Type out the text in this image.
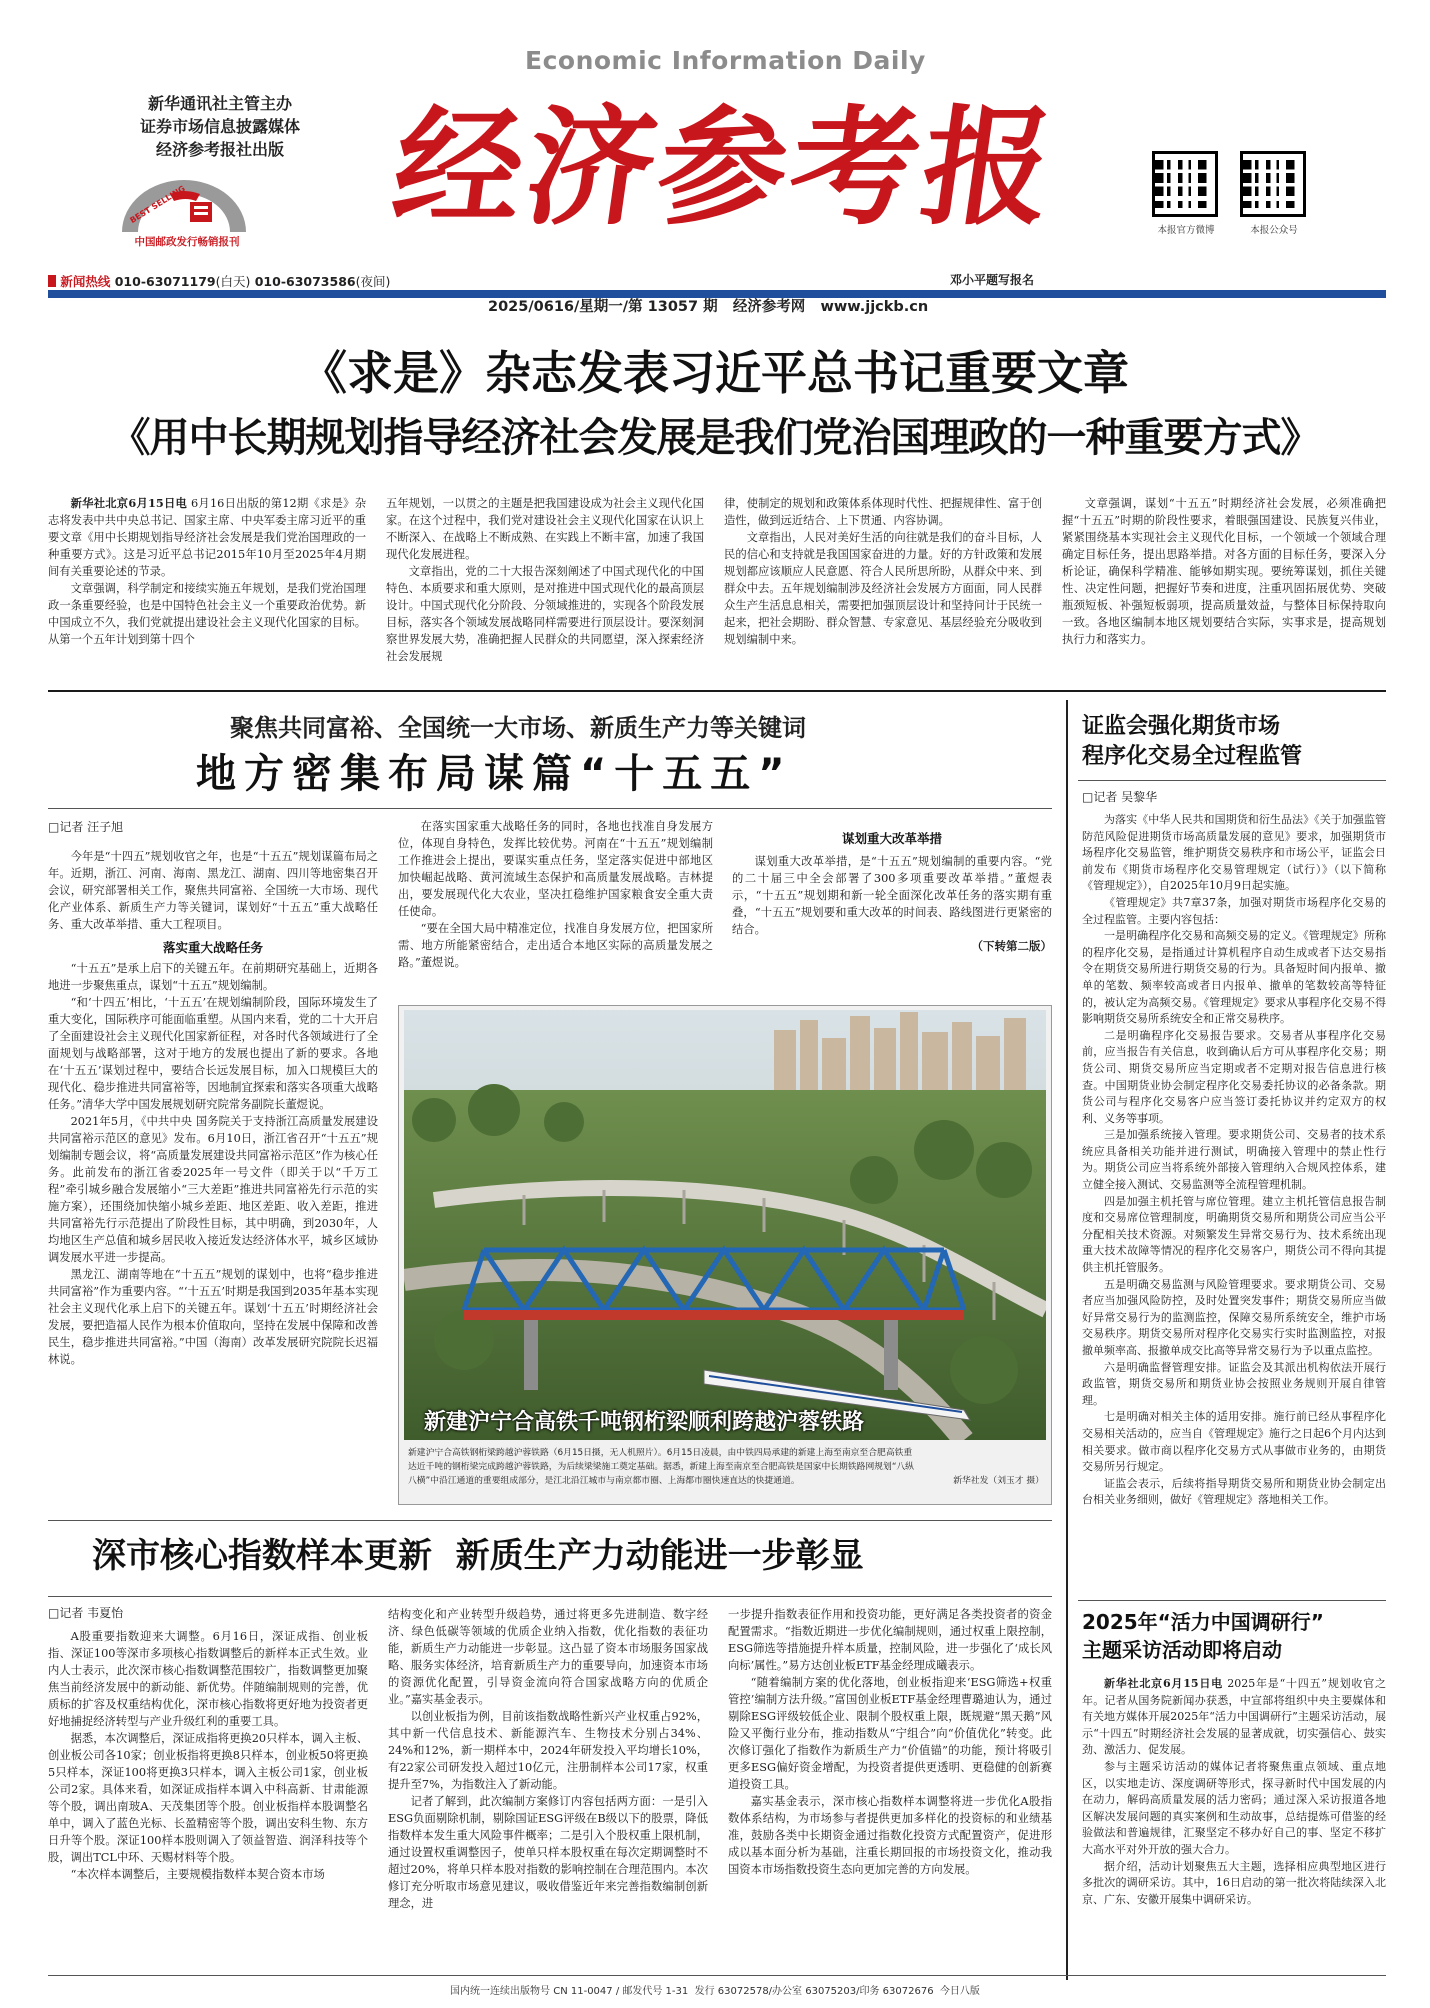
Economic Information Daily
新华通讯社主管主办
证券市场信息披露媒体
经济参考报社出版
BEST SELLING
中国邮政发行畅销报刊 经济参考报
邓小平题写报名
本报官方微博	本报公众号
新闻热线 010-63071179(白天) 010-63073586(夜间)
2025/0616/星期一/第 13057 期 经济参考网 www.jjckb.cn
《求是》杂志发表习近平总书记重要文章
《用中长期规划指导经济社会发展是我们党治国理政的一种重要方式》

新华社北京6月15日电 6月16日出版的第12期《求是》杂志将发表中共中央总书记、国家主席、中央军委主席习近平的重要文章《用中长期规划指导经济社会发展是我们党治国理政的一种重要方式》。这是习近平总书记2015年10月至2025年4月期间有关重要论述的节录。

文章强调，科学制定和接续实施五年规划，是我们党治国理政一条重要经验，也是中国特色社会主义一个重要政治优势。新中国成立不久，我们党就提出建设社会主义现代化国家的目标。从第一个五年计划到第十四个

五年规划，一以贯之的主题是把我国建设成为社会主义现代化国家。在这个过程中，我们党对建设社会主义现代化国家在认识上不断深入、在战略上不断成熟、在实践上不断丰富，加速了我国现代化发展进程。

文章指出，党的二十大报告深刻阐述了中国式现代化的中国特色、本质要求和重大原则，是对推进中国式现代化的最高顶层设计。中国式现代化分阶段、分领域推进的，实现各个阶段发展目标，落实各个领域发展战略同样需要进行顶层设计。要深刻洞察世界发展大势，准确把握人民群众的共同愿望，深入探索经济社会发展规

律，使制定的规划和政策体系体现时代性、把握规律性、富于创造性，做到远近结合、上下贯通、内容协调。

文章指出，人民对美好生活的向往就是我们的奋斗目标，人民的信心和支持就是我国国家奋进的力量。好的方针政策和发展规划都应该顺应人民意愿、符合人民所思所盼，从群众中来、到群众中去。五年规划编制涉及经济社会发展方方面面，同人民群众生产生活息息相关，需要把加强顶层设计和坚持问计于民统一起来，把社会期盼、群众智慧、专家意见、基层经验充分吸收到规划编制中来。

文章强调，谋划“十五五”时期经济社会发展，必须准确把握“十五五”时期的阶段性要求，着眼强国建设、民族复兴伟业，紧紧围绕基本实现社会主义现代化目标，一个领域一个领域合理确定目标任务，提出思路举措。对各方面的目标任务，要深入分析论证，确保科学精准、能够如期实现。要统筹谋划，抓住关键性、决定性问题，把握好节奏和进度，注重巩固拓展优势、突破瓶颈短板、补强短板弱项，提高质量效益，与整体目标保持取向一致。各地区编制本地区规划要结合实际，实事求是，提高规划执行力和落实力。

聚焦共同富裕、全国统一大市场、新质生产力等关键词
地方密集布局谋篇“十五五”
□记者 汪子旭

今年是“十四五”规划收官之年，也是“十五五”规划谋篇布局之年。近期，浙江、河南、海南、黑龙江、湖南、四川等地密集召开会议，研究部署相关工作，聚焦共同富裕、全国统一大市场、现代化产业体系、新质生产力等关键词，谋划好“十五五”重大战略任务、重大改革举措、重大工程项目。

落实重大战略任务

“十五五”是承上启下的关键五年。在前期研究基础上，近期各地进一步聚焦重点，谋划“十五五”规划编制。

“和‘十四五’相比，‘十五五’在规划编制阶段，国际环境发生了重大变化，国际秩序可能面临重塑。从国内来看，党的二十大开启了全面建设社会主义现代化国家新征程，对各时代各领域进行了全面规划与战略部署，这对于地方的发展也提出了新的要求。各地在‘十五五’谋划过程中，要结合长远发展目标，加入口规模巨大的现代化、稳步推进共同富裕等，因地制宜探索和落实各项重大战略任务。”清华大学中国发展规划研究院常务副院长董煜说。

2021年5月，《中共中央 国务院关于支持浙江高质量发展建设共同富裕示范区的意见》发布。6月10日，浙江省召开“十五五”规划编制专题会议，将“高质量发展建设共同富裕示范区”作为核心任务。此前发布的浙江省委2025年一号文件（即关于以“千万工程”牵引城乡融合发展缩小“三大差距”推进共同富裕先行示范的实施方案），还围绕加快缩小城乡差距、地区差距、收入差距，推进共同富裕先行示范提出了阶段性目标，其中明确，到2030年，人均地区生产总值和城乡居民收入接近发达经济体水平，城乡区域协调发展水平进一步提高。

黑龙江、湖南等地在“十五五”规划的谋划中，也将“稳步推进共同富裕”作为重要内容。“‘十五五’时期是我国到2035年基本实现社会主义现代化承上启下的关键五年。谋划‘十五五’时期经济社会发展，要把造福人民作为根本价值取向，坚持在发展中保障和改善民生，稳步推进共同富裕。”中国（海南）改革发展研究院院长迟福林说。

在落实国家重大战略任务的同时，各地也找准自身发展方位，体现自身特色，发挥比较优势。河南在“十五五”规划编制工作推进会上提出，要谋实重点任务，坚定落实促进中部地区加快崛起战略、黄河流域生态保护和高质量发展战略。吉林提出，要发展现代化大农业，坚决扛稳维护国家粮食安全重大责任使命。

“要在全国大局中精准定位，找准自身发展方位，把国家所需、地方所能紧密结合，走出适合本地区实际的高质量发展之路。”董煜说。

谋划重大改革举措

谋划重大改革举措，是“十五五”规划编制的重要内容。“党的二十届三中全会部署了300多项重要改革举措。”董煜表示，“十五五”规划期和新一轮全面深化改革任务的落实期有重叠，“十五五”规划要和重大改革的时间表、路线图进行更紧密的结合。

（下转第二版）
新建沪宁合高铁千吨钢桁梁顺利跨越沪蓉铁路
新建沪宁合高铁钢桁梁跨越沪蓉铁路（6月15日摄，无人机照片）。6月15日凌晨，由中铁四局承建的新建上海至南京至合肥高铁重
达近千吨的钢桁梁完成跨越沪蓉铁路，为后续梁梁施工奠定基础。据悉，新建上海至南京至合肥高铁是国家中长期铁路网规划“八纵
八横”中沿江通道的重要组成部分，是江北沿江城市与南京都市圈、上海都市圈快速直达的快捷通道。	新华社发（刘玉才 摄）
深市核心指数样本更新  新质生产力动能进一步彰显
□记者 韦夏怡

A股重要指数迎来大调整。6月16日，深证成指、创业板指、深证100等深市多项核心指数调整后的新样本正式生效。业内人士表示，此次深市核心指数调整范围较广，指数调整更加聚焦当前经济发展中的新动能、新优势。伴随编制规则的完善，优质标的扩容及权重结构优化，深市核心指数将更好地为投资者更好地捕捉经济转型与产业升级红利的重要工具。

据悉，本次调整后，深证成指将更换20只样本，调入主板、创业板公司各10家；创业板指将更换8只样本，创业板50将更换5只样本，深证100将更换3只样本，调入主板公司1家，创业板公司2家。具体来看，如深证成指样本调入中科高新、甘肃能源等个股，调出南玻A、天茂集团等个股。创业板指样本股调整名单中，调入了蓝色光标、长盈精密等个股，调出安科生物、东方日升等个股。深证100样本股则调入了领益智造、润泽科技等个股，调出TCL中环、天赐材料等个股。

“本次样本调整后，主要规模指数样本契合资本市场

结构变化和产业转型升级趋势，通过将更多先进制造、数字经济、绿色低碳等领域的优质企业纳入指数，优化指数的表征功能，新质生产力动能进一步彰显。这凸显了资本市场服务国家战略、服务实体经济，培育新质生产力的重要导向，加速资本市场的资源优化配置，引导资金流向符合国家战略方向的优质企业。”嘉实基金表示。

以创业板指为例，目前该指数战略性新兴产业权重占92%，其中新一代信息技术、新能源汽车、生物技术分别占34%、24%和12%，新一期样本中，2024年研发投入平均增长10%，有22家公司研发投入超过10亿元，注册制样本公司17家，权重提升至7%，为指数注入了新动能。

记者了解到，此次编制方案修订内容包括两方面：一是引入ESG负面剔除机制，剔除国证ESG评级在B级以下的股票，降低指数样本发生重大风险事件概率；二是引入个股权重上限机制，通过设置权重调整因子，使单只样本股权重在每次定期调整时不超过20%，将单只样本股对指数的影响控制在合理范围内。本次修订充分听取市场意见建议，吸收借鉴近年来完善指数编制创新理念，进

一步提升指数表征作用和投资功能，更好满足各类投资者的资金配置需求。“指数近期进一步优化编制规则，通过权重上限控制，ESG筛选等措施提升样本质量，控制风险，进一步强化了‘成长风向标’属性。”易方达创业板ETF基金经理成曦表示。

“随着编制方案的优化落地，创业板指迎来‘ESG筛选+权重管控’编制方法升级。”富国创业板ETF基金经理曹璐迪认为，通过剔除ESG评级较低企业、限制个股权重上限，既规避“黑天鹅”风险又平衡行业分布，推动指数从“宁组合”向“价值优化”转变。此次修订强化了指数作为新质生产力“价值锚”的功能，预计将吸引更多ESG偏好资金增配，为投资者提供更透明、更稳健的创新赛道投资工具。

嘉实基金表示，深市核心指数样本调整将进一步优化A股指数体系结构，为市场参与者提供更加多样化的投资标的和业绩基准，鼓励各类中长期资金通过指数化投资方式配置资产，促进形成以基本面分析为基础，注重长期回报的市场投资文化，推动我国资本市场指数投资生态向更加完善的方向发展。

证监会强化期货市场
程序化交易全过程监管
□记者 吴黎华

为落实《中华人民共和国期货和衍生品法》《关于加强监管防范风险促进期货市场高质量发展的意见》要求，加强期货市场程序化交易监管，维护期货交易秩序和市场公平，证监会日前发布《期货市场程序化交易管理规定（试行）》（以下简称《管理规定》），自2025年10月9日起实施。

《管理规定》共7章37条，加强对期货市场程序化交易的全过程监管。主要内容包括：

一是明确程序化交易和高频交易的定义。《管理规定》所称的程序化交易，是指通过计算机程序自动生成或者下达交易指令在期货交易所进行期货交易的行为。具备短时间内报单、撤单的笔数、频率较高或者日内报单、撤单的笔数较高等特征的，被认定为高频交易。《管理规定》要求从事程序化交易不得影响期货交易所系统安全和正常交易秩序。

二是明确程序化交易报告要求。交易者从事程序化交易前，应当报告有关信息，收到确认后方可从事程序化交易；期货公司、期货交易所应当定期或者不定期对报告信息进行核查。中国期货业协会制定程序化交易委托协议的必备条款。期货公司与程序化交易客户应当签订委托协议并约定双方的权利、义务等事项。

三是加强系统接入管理。要求期货公司、交易者的技术系统应具备相关功能并进行测试，明确接入管理中的禁止性行为。期货公司应当将系统外部接入管理纳入合规风控体系，建立健全接入测试、交易监测等全流程管理机制。

四是加强主机托管与席位管理。建立主机托管信息报告制度和交易席位管理制度，明确期货交易所和期货公司应当公平分配相关技术资源。对频繁发生异常交易行为、技术系统出现重大技术故障等情况的程序化交易客户，期货公司不得向其提供主机托管服务。

五是明确交易监测与风险管理要求。要求期货公司、交易者应当加强风险防控，及时处置突发事件；期货交易所应当做好异常交易行为的监测监控，保障交易所系统安全，维护市场交易秩序。期货交易所对程序化交易实行实时监测监控，对报撤单频率高、报撤单成交比高等异常交易行为予以重点监控。

六是明确监督管理安排。证监会及其派出机构依法开展行政监管，期货交易所和期货业协会按照业务规则开展自律管理。

七是明确对相关主体的适用安排。施行前已经从事程序化交易相关活动的，应当自《管理规定》施行之日起6个月内达到相关要求。做市商以程序化交易方式从事做市业务的，由期货交易所另行规定。

证监会表示，后续将指导期货交易所和期货业协会制定出台相关业务细则，做好《管理规定》落地相关工作。

2025年“活力中国调研行”
主题采访活动即将启动

新华社北京6月15日电 2025年是“十四五”规划收官之年。记者从国务院新闻办获悉，中宣部将组织中央主要媒体和有关地方媒体开展2025年“活力中国调研行”主题采访活动，展示“十四五”时期经济社会发展的显著成就，切实强信心、鼓实劲、激活力、促发展。

参与主题采访活动的媒体记者将聚焦重点领域、重点地区，以实地走访、深度调研等形式，探寻新时代中国发展的内在动力，解码高质量发展的活力密码；通过深入采访报道各地区解决发展问题的真实案例和生动故事，总结提炼可借鉴的经验做法和普遍规律，汇聚坚定不移办好自己的事、坚定不移扩大高水平对外开放的强大合力。

据介绍，活动计划聚焦五大主题，选择相应典型地区进行多批次的调研采访。其中，16日启动的第一批次将陆续深入北京、广东、安徽开展集中调研采访。

国内统一连续出版物号 CN 11-0047 / 邮发代号 1-31  发行 63072578/办公室 63075203/印务 63072676  今日八版
